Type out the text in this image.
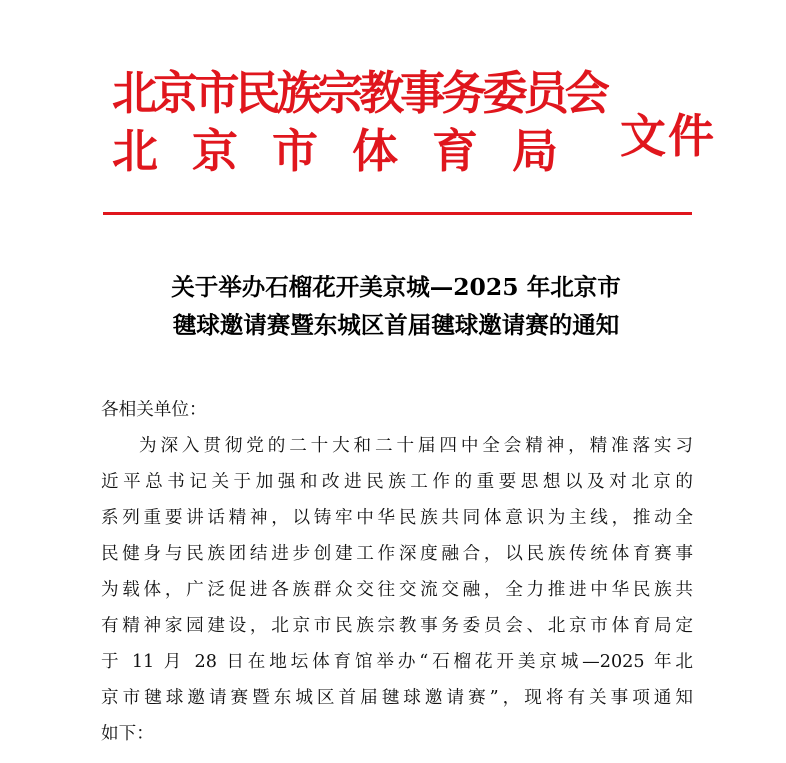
北京市民族宗教事务委员会
北京市体育局 文件
关于举办石榴花开美京城—2025 年北京市
毽球邀请赛暨东城区首届毽球邀请赛的通知
各相关单位：
为深入贯彻党的二十大和二十届四中全会精神，精准落实习
近平总书记关于加强和改进民族工作的重要思想以及对北京的
系列重要讲话精神，以铸牢中华民族共同体意识为主线，推动全
民健身与民族团结进步创建工作深度融合，以民族传统体育赛事
为载体，广泛促进各族群众交往交流交融，全力推进中华民族共
有精神家园建设，北京市民族宗教事务委员会、北京市体育局定
于 11 月 28 日在地坛体育馆举办“石榴花开美京城—2025 年北
京市毽球邀请赛暨东城区首届毽球邀请赛”，现将有关事项通知
如下：
